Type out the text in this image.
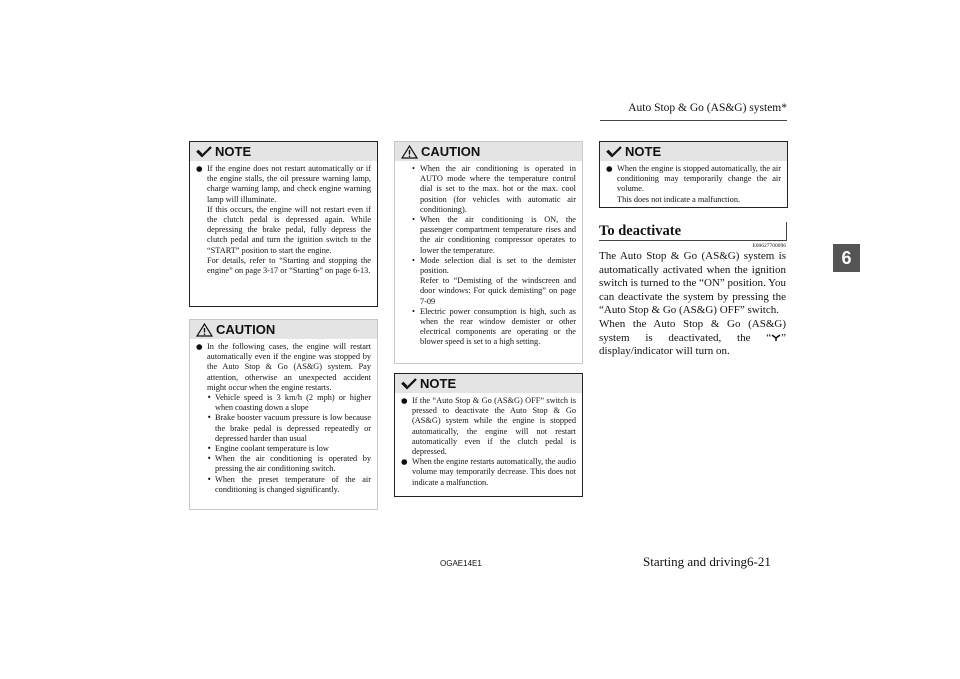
Auto Stop & Go (AS&G) system*
6
NOTE
● If the engine does not restart automatically or if the engine stalls, the oil pressure warning lamp, charge warning lamp, and check engine warning lamp will illuminate.
If this occurs, the engine will not restart even if the clutch pedal is depressed again. While depressing the brake pedal, fully depress the clutch pedal and turn the ignition switch to the “START” position to start the engine.
For details, refer to “Starting and stopping the engine” on page 3-17 or “Starting” on page 6-13.
CAUTION
● In the following cases, the engine will restart automatically even if the engine was stopped by the Auto Stop & Go (AS&G) system. Pay attention, otherwise an unexpected accident might occur when the engine restarts.
• Vehicle speed is 3 km/h (2 mph) or higher when coasting down a slope
• Brake booster vacuum pressure is low because the brake pedal is depressed repeatedly or depressed harder than usual
• Engine coolant temperature is low
• When the air conditioning is operated by pressing the air conditioning switch.
• When the preset temperature of the air conditioning is changed significantly.
CAUTION
• When the air conditioning is operated in AUTO mode where the temperature control dial is set to the max. hot or the max. cool position (for vehicles with automatic air conditioning).
• When the air conditioning is ON, the passenger compartment temperature rises and the air conditioning compressor operates to lower the temperature.
• Mode selection dial is set to the demister position.
Refer to “Demisting of the windscreen and door windows: For quick demisting” on page 7-09
• Electric power consumption is high, such as when the rear window demister or other electrical components are operating or the blower speed is set to a high setting.
NOTE
● If the “Auto Stop & Go (AS&G) OFF” switch is pressed to deactivate the Auto Stop & Go (AS&G) system while the engine is stopped automatically, the engine will not restart automatically even if the clutch pedal is depressed.
● When the engine restarts automatically, the audio volume may temporarily decrease. This does not indicate a malfunction.
NOTE
● When the engine is stopped automatically, the air conditioning may temporarily change the air volume.
This does not indicate a malfunction.
To deactivate
E00627700096
The Auto Stop & Go (AS&G) system is automatically activated when the ignition switch is turned to the “ON” position. You can deactivate the system by pressing the “Auto Stop & Go (AS&G) OFF” switch.
When the Auto Stop & Go (AS&G) system is deactivated, the “ ” display/indicator will turn on.
OGAE14E1	Starting and driving 6-21
